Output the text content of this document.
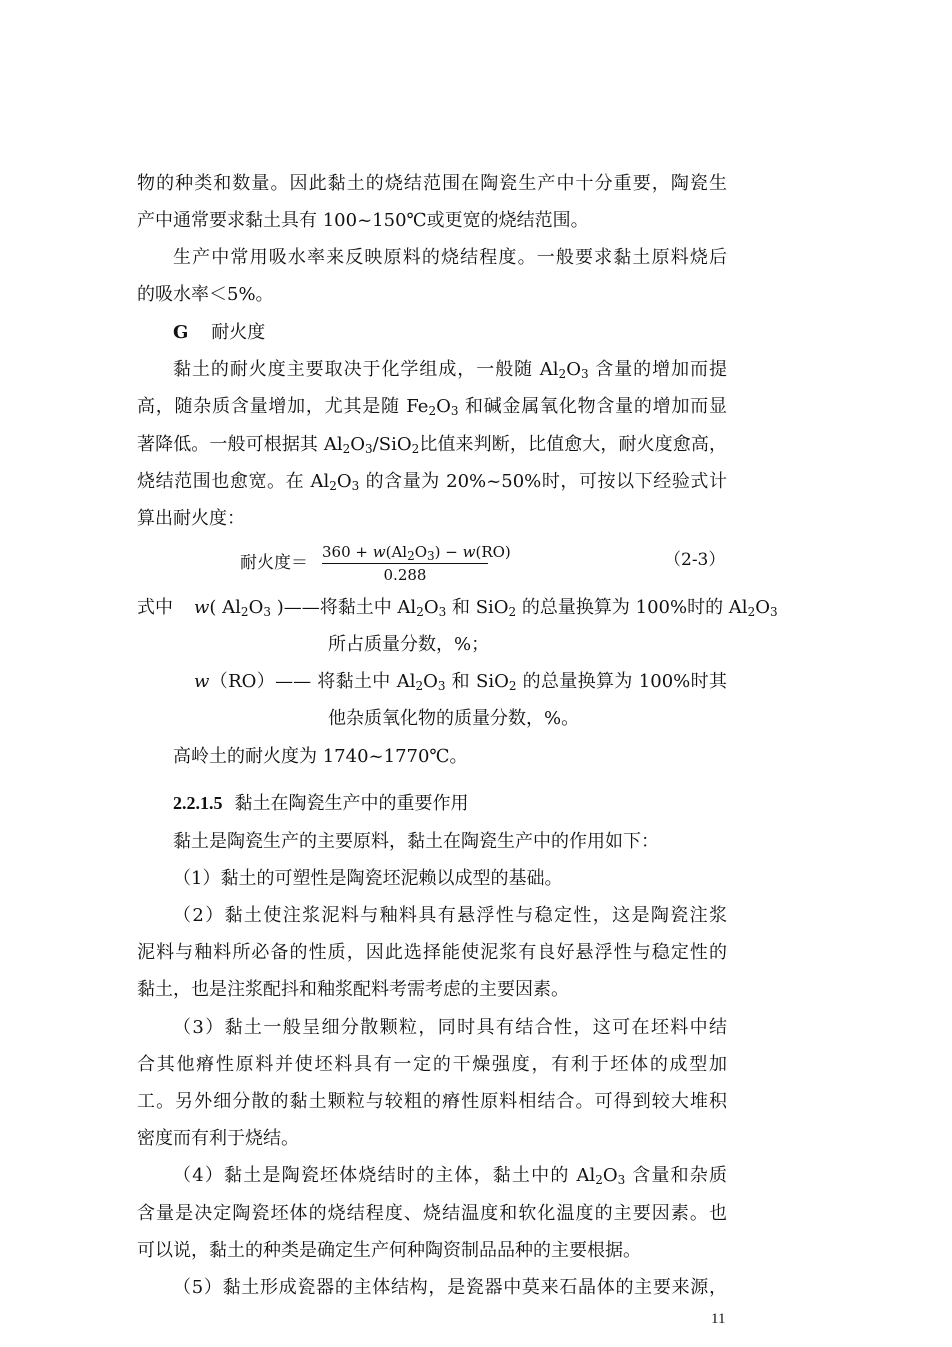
物的种类和数量。因此黏土的烧结范围在陶瓷生产中十分重要，陶瓷生
产中通常要求黏土具有 100~150℃或更宽的烧结范围。
生产中常用吸水率来反映原料的烧结程度。一般要求黏土原料烧后
的吸水率＜5%。
G 耐火度
黏土的耐火度主要取决于化学组成，一般随 $Al_2O_3$ 含量的增加而提
高，随杂质含量增加，尤其是随 $Fe_2O_3$ 和碱金属氧化物含量的增加而显
著降低。一般可根据其 $Al_2O_3/SiO_2$比值来判断，比值愈大，耐火度愈高，
烧结范围也愈宽。在 $Al_2O_3$ 的含量为 20%~50%时，可按以下经验式计
算出耐火度：
耐火度＝
$360 + w(Al_2O_3) - w(RO)$
0.288
（2-3）
式中 w( $Al_2O_3$ )——将黏土中 $Al_2O_3$ 和 SiO$_2$ 的总量换算为 100%时的 $Al_2O_3$
所占质量分数，%；
w（RO）—— 将黏土中 $Al_2O_3$ 和 SiO$_2$ 的总量换算为 100%时其
他杂质氧化物的质量分数，%。
高岭土的耐火度为 1740~1770℃。
2.2.1.5 黏土在陶瓷生产中的重要作用
黏土是陶瓷生产的主要原料，黏土在陶瓷生产中的作用如下：
（1）黏土的可塑性是陶瓷坯泥赖以成型的基础。
（2）黏土使注浆泥料与釉料具有悬浮性与稳定性，这是陶瓷注浆
泥料与釉料所必备的性质，因此选择能使泥浆有良好悬浮性与稳定性的
黏土，也是注浆配抖和釉浆配料考需考虑的主要因素。
（3）黏土一般呈细分散颗粒，同时具有结合性，这可在坯料中结
合其他瘠性原料并使坯料具有一定的干燥强度，有利于坯体的成型加
工。另外细分散的黏土颗粒与较粗的瘠性原料相结合。可得到较大堆积
密度而有利于烧结。
（4）黏土是陶瓷坯体烧结时的主体，黏土中的 $Al_2O_3$ 含量和杂质
含量是决定陶瓷坯体的烧结程度、烧结温度和软化温度的主要因素。也
可以说，黏土的种类是确定生产何种陶资制品品种的主要根据。
（5）黏土形成瓷器的主体结构，是瓷器中莫来石晶体的主要来源，
11
